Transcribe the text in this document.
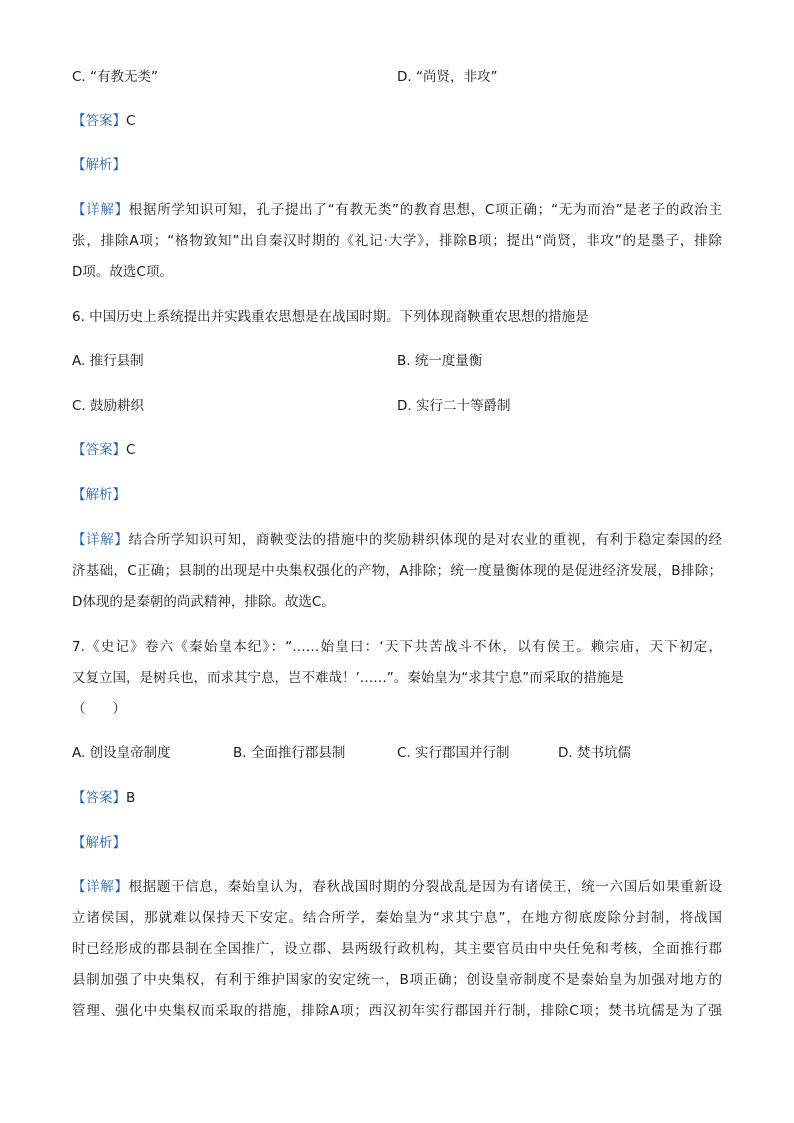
C. “有教无类”	D. “尚贤，非攻”
【答案】C
【解析】
【详解】根据所学知识可知，孔子提出了“有教无类”的教育思想，C项正确；“无为而治”是老子的政治主
张，排除A项；“格物致知”出自秦汉时期的《礼记·大学》，排除B项；提出“尚贤，非攻”的是墨子，排除
D项。故选C项。
6. 中国历史上系统提出并实践重农思想是在战国时期。下列体现商鞅重农思想的措施是
A. 推行县制	B. 统一度量衡
C. 鼓励耕织	D. 实行二十等爵制
【答案】C
【解析】
【详解】结合所学知识可知，商鞅变法的措施中的奖励耕织体现的是对农业的重视，有利于稳定秦国的经
济基础，C正确；县制的出现是中央集权强化的产物，A排除；统一度量衡体现的是促进经济发展，B排除；
D体现的是秦朝的尚武精神，排除。故选C。
7.《史记》卷六《秦始皇本纪》：“……始皇曰：‘天下共苦战斗不休，以有侯王。赖宗庙，天下初定，
又复立国，是树兵也，而求其宁息，岂不难哉！’……”。秦始皇为“求其宁息”而采取的措施是
（　　）
A. 创设皇帝制度	B. 全面推行郡县制	C. 实行郡国并行制	D. 焚书坑儒
【答案】B
【解析】
【详解】根据题干信息，秦始皇认为，春秋战国时期的分裂战乱是因为有诸侯王，统一六国后如果重新设
立诸侯国，那就难以保持天下安定。结合所学，秦始皇为“求其宁息”，在地方彻底废除分封制，将战国
时已经形成的郡县制在全国推广，设立郡、县两级行政机构，其主要官员由中央任免和考核，全面推行郡
县制加强了中央集权，有利于维护国家的安定统一，B项正确；创设皇帝制度不是秦始皇为加强对地方的
管理、强化中央集权而采取的措施，排除A项；西汉初年实行郡国并行制，排除C项；焚书坑儒是为了强
